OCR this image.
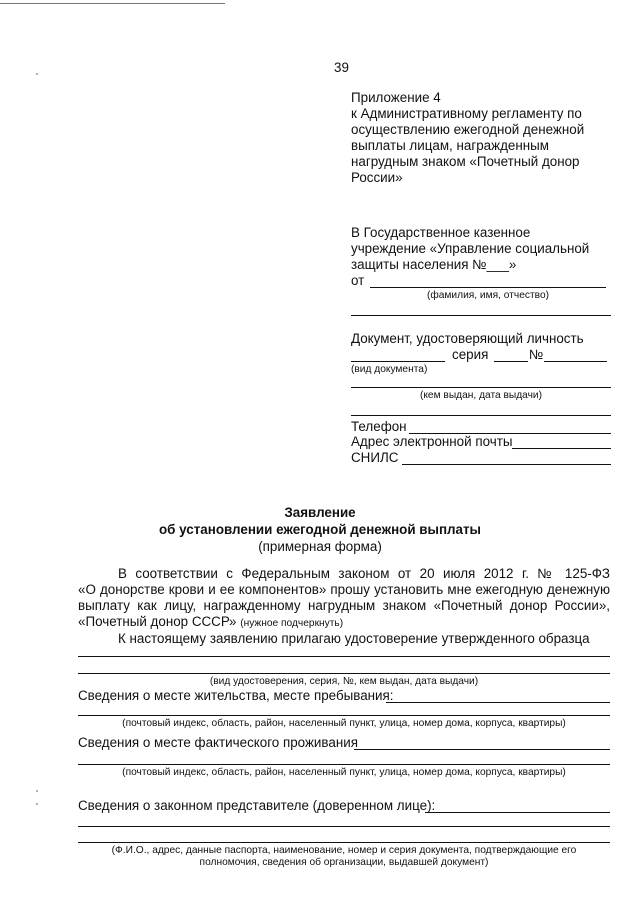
39
Приложение 4
к Административному регламенту по
осуществлению ежегодной денежной
выплаты лицам, награжденным
нагрудным знаком «Почетный донор
России»
В Государственное казенное
учреждение «Управление социальной
защиты населения №___»
от
(фамилия, имя, отчество)
Документ, удостоверяющий личность
серия	№
(вид документа)
(кем выдан, дата выдачи)
Телефон
Адрес электронной почты
СНИЛС
Заявление
об установлении ежегодной денежной выплаты
(примерная форма)
В соответствии с Федеральным законом от 20 июля 2012 г. № 125-ФЗ
«О донорстве крови и ее компонентов» прошу установить мне ежегодную денежную
выплату как лицу, награжденному нагрудным знаком «Почетный донор России»,
«Почетный донор СССР» (нужное подчеркнуть)
К настоящему заявлению прилагаю удостоверение утвержденного образца
(вид удостоверения, серия, №, кем выдан, дата выдачи)
Сведения о месте жительства, месте пребывания:
(почтовый индекс, область, район, населенный пункт, улица, номер дома, корпуса, квартиры)
Сведения о месте фактического проживания
(почтовый индекс, область, район, населенный пункт, улица, номер дома, корпуса, квартиры)
Сведения о законном представителе (доверенном лице):
(Ф.И.О., адрес, данные паспорта, наименование, номер и серия документа, подтверждающие его
полномочия, сведения об организации, выдавшей документ)
